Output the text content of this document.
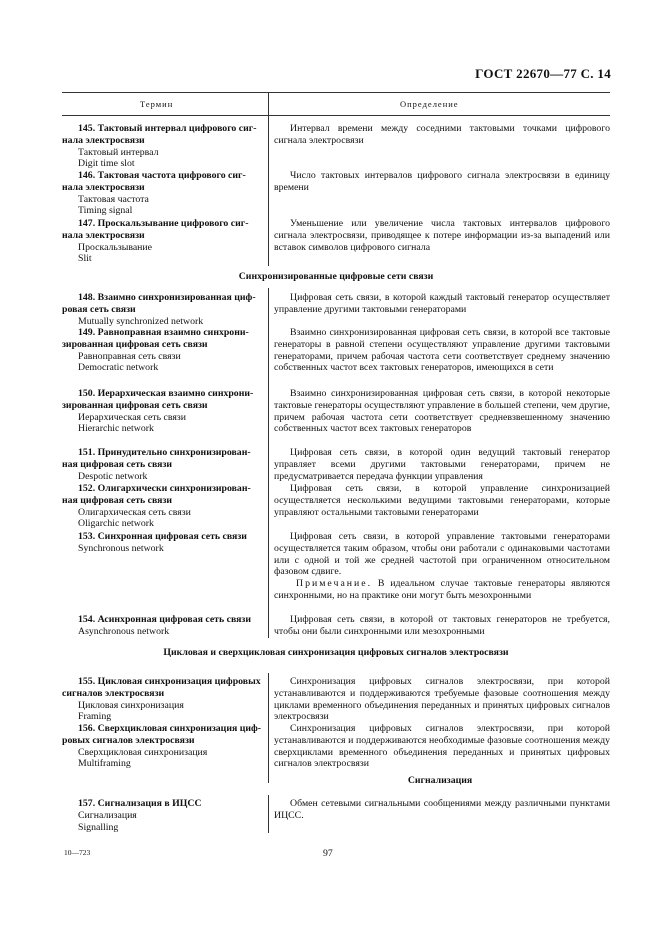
ГОСТ 22670—77 С. 14
Термин	Определение
145. Тактовый интервал цифрового сиг-
нала электросвязи
Тактовый интервал
Digit time slot
Интервал времени между соседними тактовыми точками цифрового сигнала электросвязи
146. Тактовая частота цифрового сиг-
нала электросвязи
Тактовая частота
Timing signal
Число тактовых интервалов цифрового сигнала электросвязи в единицу времени
147. Проскальзывание цифрового сиг-
нала электросвязи
Проскальзывание
Slit
Уменьшение или увеличение числа тактовых интервалов цифрового сигнала электросвязи, приводящее к потере информации из-за выпадений или вставок символов цифрового сигнала
Синхронизированные цифровые сети связи
148. Взаимно синхронизированная циф-
ровая сеть связи
Mutually synchronized network
Цифровая сеть связи, в которой каждый тактовый генератор осуществляет управление другими тактовыми генераторами
149. Равноправная взаимно синхрони-
зированная цифровая сеть связи
Равноправная сеть связи
Democratic network
Взаимно синхронизированная цифровая сеть связи, в которой все тактовые генераторы в равной степени осуществляют управление другими тактовыми генераторами, причем рабочая частота сети соответствует среднему значению собственных частот всех тактовых генераторов, имеющихся в сети
150. Иерархическая взаимно синхрони-
зированная цифровая сеть связи
Иерархическая сеть связи
Hierarchic network
Взаимно синхронизированная цифровая сеть связи, в которой некоторые тактовые генераторы осуществляют управление в большей степени, чем другие, причем рабочая частота сети соответствует средневзвешенному значению собственных частот всех тактовых генераторов
151. Принудительно синхронизирован-
ная цифровая сеть связи
Despotic network
Цифровая сеть связи, в которой один ведущий тактовый генератор управляет всеми другими тактовыми генераторами, причем не предусматривается передача функции управления
152. Олигархически синхронизирован-
ная цифровая сеть связи
Олигархическая сеть связи
Oligarchic network
Цифровая сеть связи, в которой управление синхронизацией осуществляется несколькими ведущими тактовыми генераторами, которые управляют остальными тактовыми генераторами
153. Синхронная цифровая сеть связи
Synchronous network
Цифровая сеть связи, в которой управление тактовыми генераторами осуществляется таким образом, чтобы они работали с одинаковыми частотами или с одной и той же средней частотой при ограниченном относительном фазовом сдвиге.
Примечание. В идеальном случае тактовые генераторы являются синхронными, но на практике они могут быть мезохронными
154. Асинхронная цифровая сеть связи
Asynchronous network
Цифровая сеть связи, в которой от тактовых генераторов не требуется, чтобы они были синхронными или мезохронными
Цикловая и сверхцикловая синхронизация цифровых сигналов электросвязи
155. Цикловая синхронизация цифровых
сигналов электросвязи
Цикловая синхронизация
Framing
Синхронизация цифровых сигналов электросвязи, при которой устанавливаются и поддерживаются требуемые фазовые соотношения между циклами временного объединения переданных и принятых цифровых сигналов электросвязи
156. Сверхцикловая синхронизация циф-
ровых сигналов электросвязи
Сверхцикловая синхронизация
Multiframing
Синхронизация цифровых сигналов электросвязи, при которой устанавливаются и поддерживаются необходимые фазовые соотношения между сверхциклами временного объединения переданных и принятых цифровых сигналов электросвязи
Сигнализация
157. Сигнализация в ИЦСС
Сигнализация
Signalling
Обмен сетевыми сигнальными сообщениями между различными пунктами ИЦСС.
10—723	97
